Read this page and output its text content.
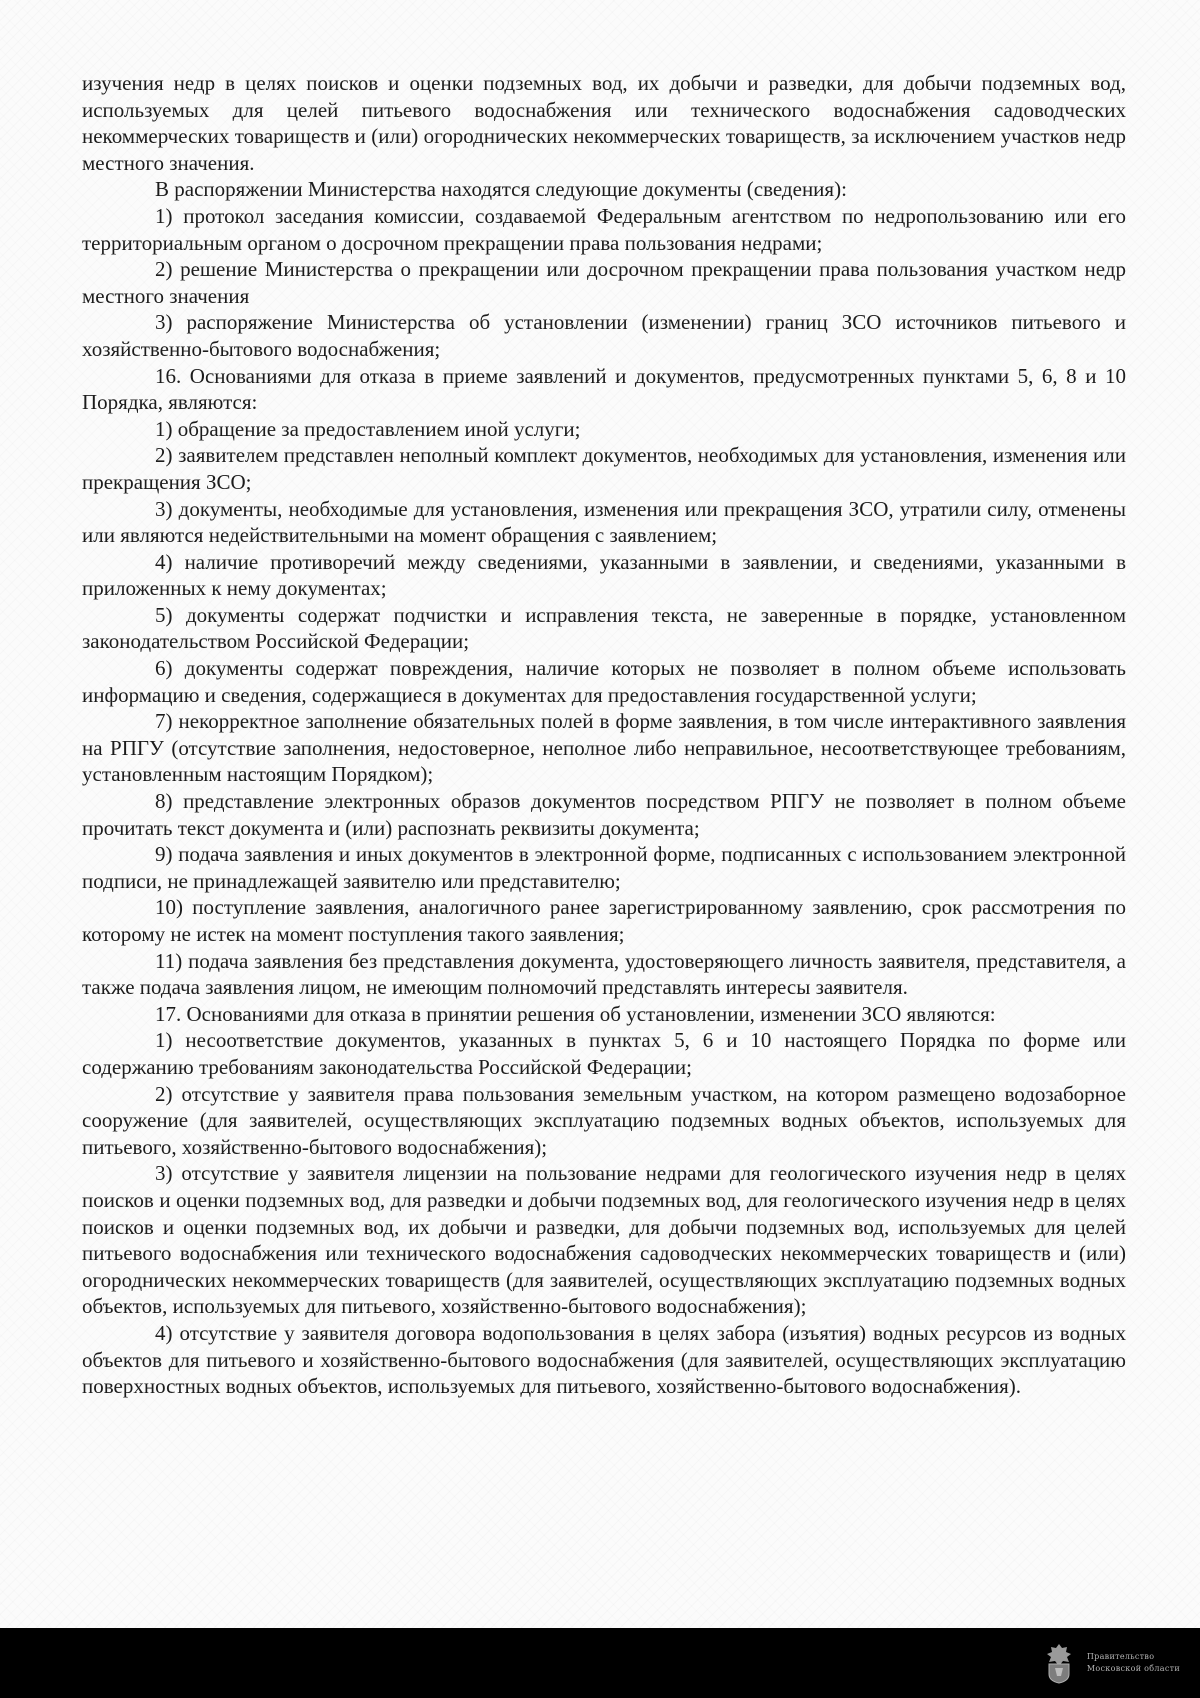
изучения недр в целях поисков и оценки подземных вод, их добычи и разведки, для добычи подземных вод, используемых для целей питьевого водоснабжения или технического водоснабжения садоводческих некоммерческих товариществ и (или) огороднических некоммерческих товариществ, за исключением участков недр местного значения.

В распоряжении Министерства находятся следующие документы (сведения):

1) протокол заседания комиссии, создаваемой Федеральным агентством по недропользованию или его территориальным органом о досрочном прекращении права пользования недрами;

2) решение Министерства о прекращении или досрочном прекращении права пользования участком недр местного значения

3) распоряжение Министерства об установлении (изменении) границ ЗСО источников питьевого и хозяйственно-бытового водоснабжения;

16. Основаниями для отказа в приеме заявлений и документов, предусмотренных пунктами 5, 6, 8 и 10 Порядка, являются:

1) обращение за предоставлением иной услуги;

2) заявителем представлен неполный комплект документов, необходимых для установления, изменения или прекращения ЗСО;

3) документы, необходимые для установления, изменения или прекращения ЗСО, утратили силу, отменены или являются недействительными на момент обращения с заявлением;

4) наличие противоречий между сведениями, указанными в заявлении, и сведениями, указанными в приложенных к нему документах;

5) документы содержат подчистки и исправления текста, не заверенные в порядке, установленном законодательством Российской Федерации;

6) документы содержат повреждения, наличие которых не позволяет в полном объеме использовать информацию и сведения, содержащиеся в документах для предоставления государственной услуги;

7) некорректное заполнение обязательных полей в форме заявления, в том числе интерактивного заявления на РПГУ (отсутствие заполнения, недостоверное, неполное либо неправильное, несоответствующее требованиям, установленным настоящим Порядком);

8) представление электронных образов документов посредством РПГУ не позволяет в полном объеме прочитать текст документа и (или) распознать реквизиты документа;

9) подача заявления и иных документов в электронной форме, подписанных с использованием электронной подписи, не принадлежащей заявителю или представителю;

10) поступление заявления, аналогичного ранее зарегистрированному заявлению, срок рассмотрения по которому не истек на момент поступления такого заявления;

11) подача заявления без представления документа, удостоверяющего личность заявителя, представителя, а также подача заявления лицом, не имеющим полномочий представлять интересы заявителя.

17. Основаниями для отказа в принятии решения об установлении, изменении ЗСО являются:

1) несоответствие документов, указанных в пунктах 5, 6 и 10 настоящего Порядка по форме или содержанию требованиям законодательства Российской Федерации;

2) отсутствие у заявителя права пользования земельным участком, на котором размещено водозаборное сооружение (для заявителей, осуществляющих эксплуатацию подземных водных объектов, используемых для питьевого, хозяйственно-бытового водоснабжения);

3) отсутствие у заявителя лицензии на пользование недрами для геологического изучения недр в целях поисков и оценки подземных вод, для разведки и добычи подземных вод, для геологического изучения недр в целях поисков и оценки подземных вод, их добычи и разведки, для добычи подземных вод, используемых для целей питьевого водоснабжения или технического водоснабжения садоводческих некоммерческих товариществ и (или) огороднических некоммерческих товариществ (для заявителей, осуществляющих эксплуатацию подземных водных объектов, используемых для питьевого, хозяйственно-бытового водоснабжения);

4) отсутствие у заявителя договора водопользования в целях забора (изъятия) водных ресурсов из водных объектов для питьевого и хозяйственно-бытового водоснабжения (для заявителей, осуществляющих эксплуатацию поверхностных водных объектов, используемых для питьевого, хозяйственно-бытового водоснабжения).

Правительство
Московской области
